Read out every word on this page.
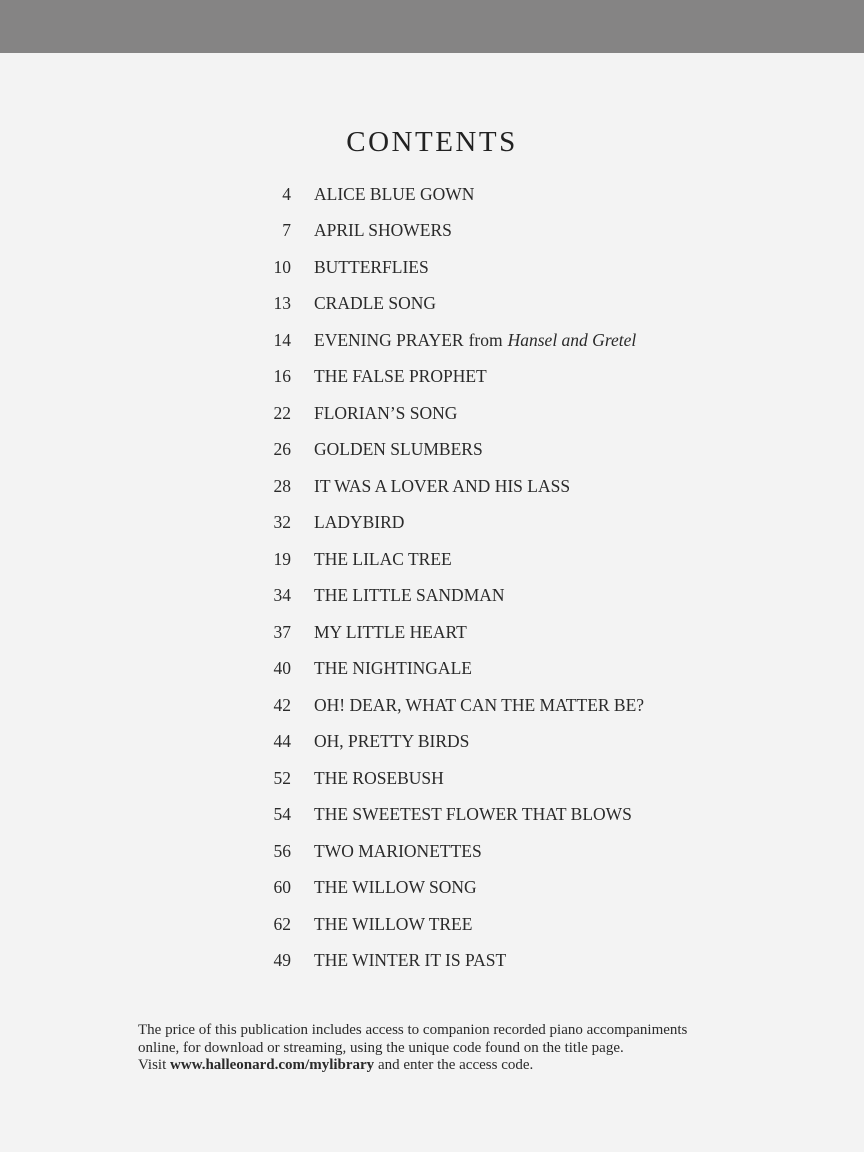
CONTENTS
4 ALICE BLUE GOWN
7 APRIL SHOWERS
10 BUTTERFLIES
13 CRADLE SONG
14 EVENING PRAYER from Hansel and Gretel
16 THE FALSE PROPHET
22 FLORIAN’S SONG
26 GOLDEN SLUMBERS
28 IT WAS A LOVER AND HIS LASS
32 LADYBIRD
19 THE LILAC TREE
34 THE LITTLE SANDMAN
37 MY LITTLE HEART
40 THE NIGHTINGALE
42 OH! DEAR, WHAT CAN THE MATTER BE?
44 OH, PRETTY BIRDS
52 THE ROSEBUSH
54 THE SWEETEST FLOWER THAT BLOWS
56 TWO MARIONETTES
60 THE WILLOW SONG
62 THE WILLOW TREE
49 THE WINTER IT IS PAST

The price of this publication includes access to companion recorded piano accompaniments

online, for download or streaming, using the unique code found on the title page.

Visit www.halleonard.com/mylibrary and enter the access code.
